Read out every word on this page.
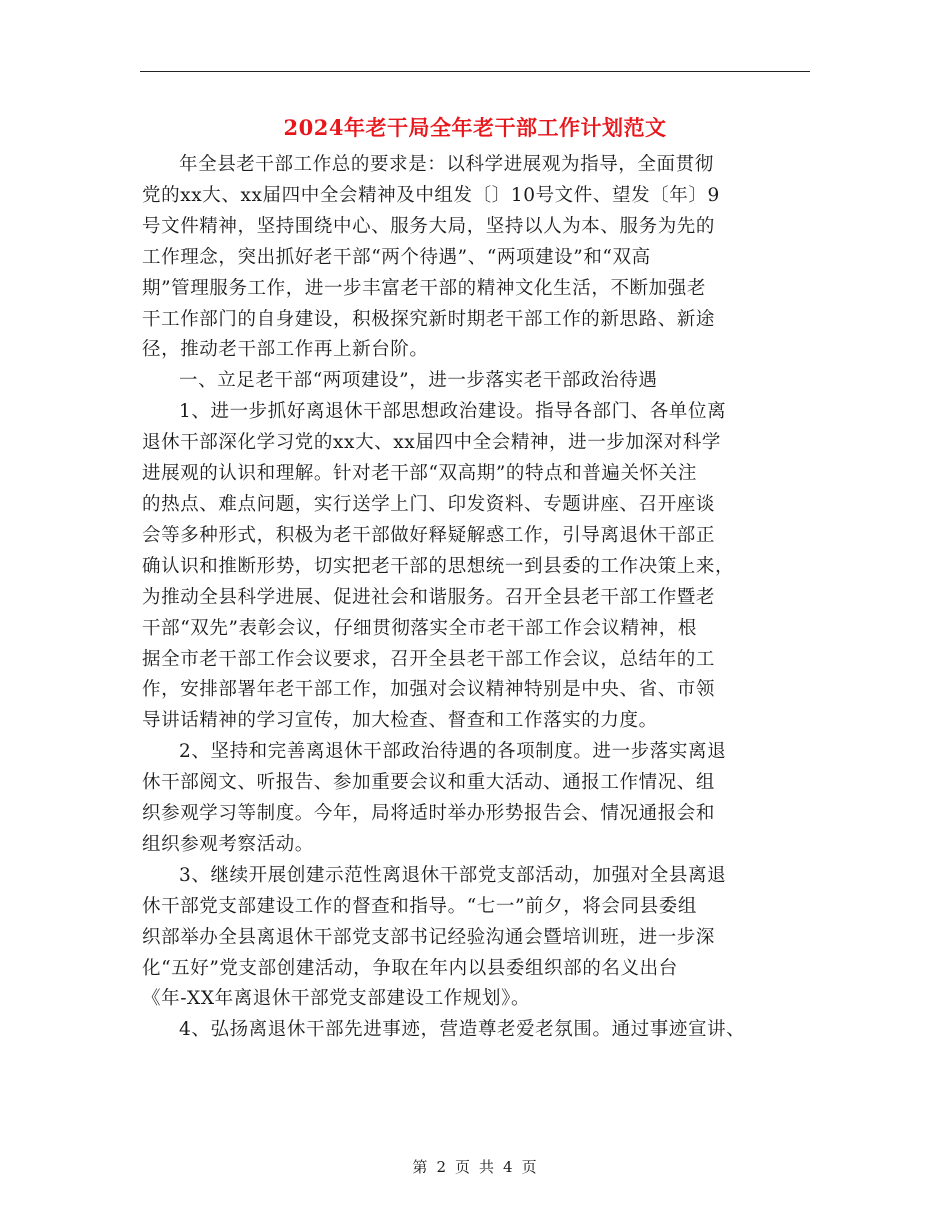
2024年老干局全年老干部工作计划范文

年全县老干部工作总的要求是：以科学进展观为指导，全面贯彻
党的xx大、xx届四中全会精神及中组发〔〕10号文件、望发〔年〕9
号文件精神，坚持围绕中心、服务大局，坚持以人为本、服务为先的
工作理念，突出抓好老干部“两个待遇”、“两项建设”和“双高
期”管理服务工作，进一步丰富老干部的精神文化生活，不断加强老
干工作部门的自身建设，积极探究新时期老干部工作的新思路、新途
径，推动老干部工作再上新台阶。

一、立足老干部“两项建设”，进一步落实老干部政治待遇

1、进一步抓好离退休干部思想政治建设。指导各部门、各单位离
退休干部深化学习党的xx大、xx届四中全会精神，进一步加深对科学
进展观的认识和理解。针对老干部“双高期”的特点和普遍关怀关注
的热点、难点问题，实行送学上门、印发资料、专题讲座、召开座谈
会等多种形式，积极为老干部做好释疑解惑工作，引导离退休干部正
确认识和推断形势，切实把老干部的思想统一到县委的工作决策上来，
为推动全县科学进展、促进社会和谐服务。召开全县老干部工作暨老
干部“双先”表彰会议，仔细贯彻落实全市老干部工作会议精神，根
据全市老干部工作会议要求，召开全县老干部工作会议，总结年的工
作，安排部署年老干部工作，加强对会议精神特别是中央、省、市领
导讲话精神的学习宣传，加大检查、督查和工作落实的力度。

2、坚持和完善离退休干部政治待遇的各项制度。进一步落实离退
休干部阅文、听报告、参加重要会议和重大活动、通报工作情况、组
织参观学习等制度。今年，局将适时举办形势报告会、情况通报会和
组织参观考察活动。

3、继续开展创建示范性离退休干部党支部活动，加强对全县离退
休干部党支部建设工作的督查和指导。“七一”前夕，将会同县委组
织部举办全县离退休干部党支部书记经验沟通会暨培训班，进一步深
化“五好”党支部创建活动，争取在年内以县委组织部的名义出台
《年-XX年离退休干部党支部建设工作规划》。

4、弘扬离退休干部先进事迹，营造尊老爱老氛围。通过事迹宣讲、

第 2 页 共 4 页
